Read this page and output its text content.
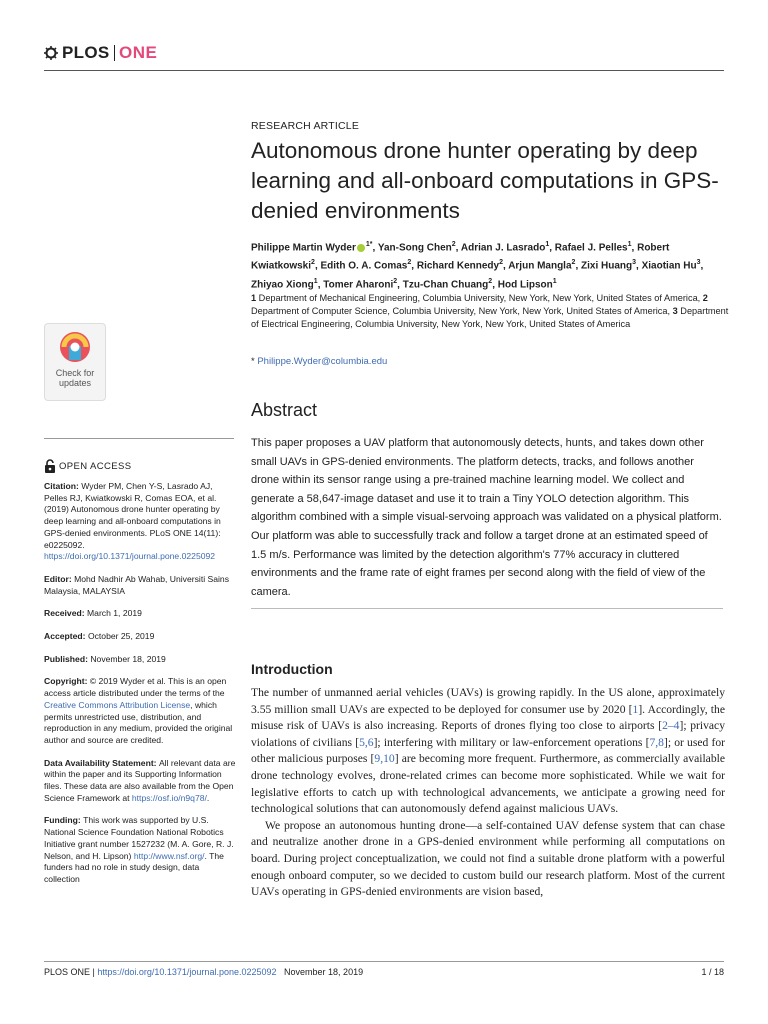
PLOS ONE
RESEARCH ARTICLE
Autonomous drone hunter operating by deep learning and all-onboard computations in GPS-denied environments
Philippe Martin Wyder $^{1*}$, Yan-Song Chen$^2$, Adrian J. Lasrado$^1$, Rafael J. Pelles$^1$, Robert Kwiatkowski$^2$, Edith O. A. Comas$^2$, Richard Kennedy$^2$, Arjun Mangla$^2$, Zixi Huang$^3$, Xiaotian Hu$^3$, Zhiyao Xiong$^1$, Tomer Aharoni$^2$, Tzu-Chan Chuang$^2$, Hod Lipson$^1$
1 Department of Mechanical Engineering, Columbia University, New York, New York, United States of America, 2 Department of Computer Science, Columbia University, New York, New York, United States of America, 3 Department of Electrical Engineering, Columbia University, New York, New York, United States of America
* Philippe.Wyder@columbia.edu
Abstract
This paper proposes a UAV platform that autonomously detects, hunts, and takes down other small UAVs in GPS-denied environments. The platform detects, tracks, and follows another drone within its sensor range using a pre-trained machine learning model. We collect and generate a 58,647-image dataset and use it to train a Tiny YOLO detection algorithm. This algorithm combined with a simple visual-servoing approach was validated on a physical platform. Our platform was able to successfully track and follow a target drone at an estimated speed of 1.5 m/s. Performance was limited by the detection algorithm's 77% accuracy in cluttered environments and the frame rate of eight frames per second along with the field of view of the camera.
Introduction

The number of unmanned aerial vehicles (UAVs) is growing rapidly. In the US alone, approximately 3.55 million small UAVs are expected to be deployed for consumer use by 2020 [1]. Accordingly, the misuse risk of UAVs is also increasing. Reports of drones flying too close to airports [2–4]; privacy violations of civilians [5,6]; interfering with military or law-enforcement operations [7,8]; or used for other malicious purposes [9,10] are becoming more frequent. Furthermore, as commercially available drone technology evolves, drone-related crimes can become more sophisticated. While we wait for legislative efforts to catch up with technological advancements, we anticipate a growing need for technological solutions that can autonomously defend against malicious UAVs.

We propose an autonomous hunting drone—a self-contained UAV defense system that can chase and neutralize another drone in a GPS-denied environment while performing all computations on board. During project conceptualization, we could not find a suitable drone platform with a powerful enough onboard computer, so we decided to custom build our research platform. Most of the current UAVs operating in GPS-denied environments are vision based,

Check for
updates
OPEN ACCESS
Citation: Wyder PM, Chen Y-S, Lasrado AJ, Pelles RJ, Kwiatkowski R, Comas EOA, et al. (2019) Autonomous drone hunter operating by deep learning and all-onboard computations in GPS-denied environments. PLoS ONE 14(11): e0225092. https://doi.org/10.1371/journal.pone.0225092
Editor: Mohd Nadhir Ab Wahab, Universiti Sains Malaysia, MALAYSIA
Received: March 1, 2019
Accepted: October 25, 2019
Published: November 18, 2019
Copyright: © 2019 Wyder et al. This is an open access article distributed under the terms of the Creative Commons Attribution License, which permits unrestricted use, distribution, and reproduction in any medium, provided the original author and source are credited.
Data Availability Statement: All relevant data are within the paper and its Supporting Information files. These data are also available from the Open Science Framework at https://osf.io/n9q78/.
Funding: This work was supported by U.S. National Science Foundation National Robotics Initiative grant number 1527232 (M. A. Gore, R. J. Nelson, and H. Lipson) http://www.nsf.org/. The funders had no role in study design, data collection
PLOS ONE | https://doi.org/10.1371/journal.pone.0225092 November 18, 2019	1 / 18
